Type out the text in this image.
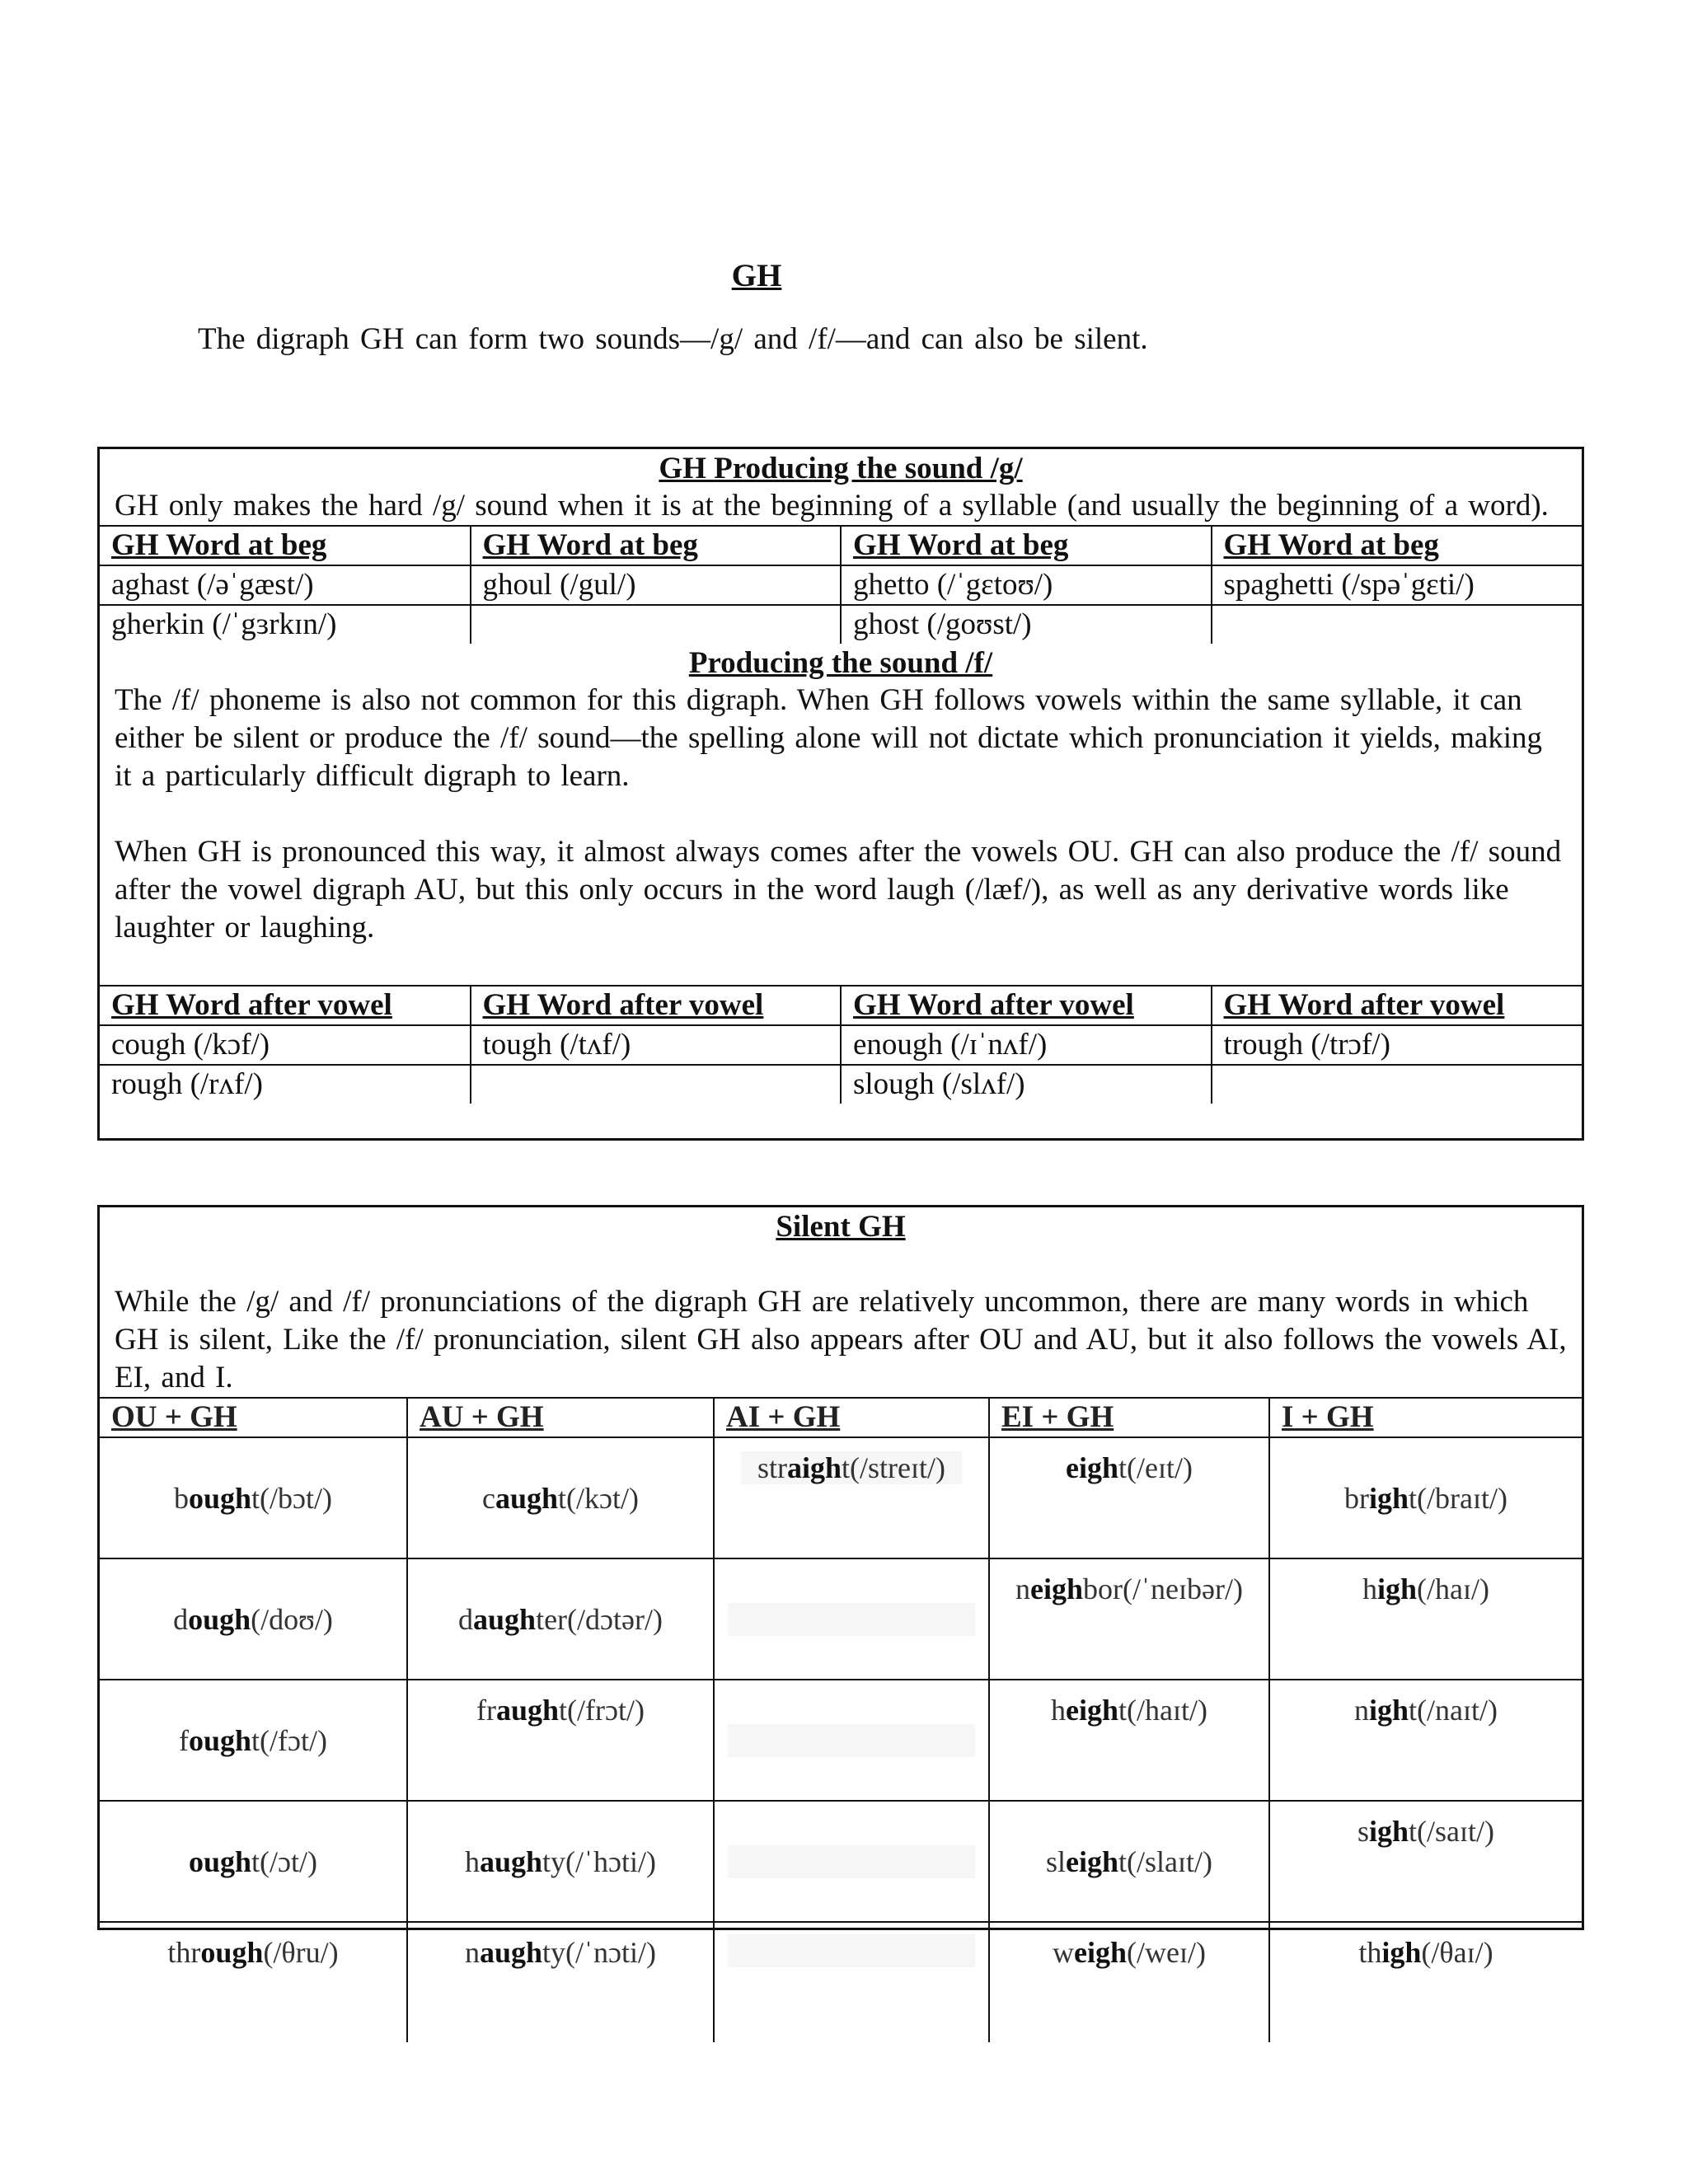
GH
The digraph GH can form two sounds—/g/ and /f/—and can also be silent.
GH Producing the sound /g/
GH only makes the hard /g/ sound when it is at the beginning of a syllable (and usually the beginning of a word).
GH Word at beg	GH Word at beg	GH Word at beg	GH Word at beg
aghast (/əˈgæst/)	ghoul (/gul/)	ghetto (/ˈgɛtoʊ/)	spaghetti (/spəˈgɛti/)
gherkin (/ˈgɜrkɪn/)		ghost (/goʊst/)	
Producing the sound /f/
The /f/ phoneme is also not common for this digraph. When GH follows vowels within the same syllable, it can either be silent or produce the /f/ sound—the spelling alone will not dictate which pronunciation it yields, making it a particularly difficult digraph to learn.
When GH is pronounced this way, it almost always comes after the vowels OU. GH can also produce the /f/ sound after the vowel digraph AU, but this only occurs in the word laugh (/læf/), as well as any derivative words like laughter or laughing.
GH Word after vowel	GH Word after vowel	GH Word after vowel	GH Word after vowel
cough (/kɔf/)	tough (/tʌf/)	enough (/ɪˈnʌf/)	trough (/trɔf/)
rough (/rʌf/)		slough (/slʌf/)	
Silent GH
While the /g/ and /f/ pronunciations of the digraph GH are relatively uncommon, there are many words in which GH is silent, Like the /f/ pronunciation, silent GH also appears after OU and AU, but it also follows the vowels AI, EI, and I.
OU + GH	AU + GH	AI + GH	EI + GH	I + GH
bought(/bɔt/)	caught(/kɔt/)	straight(/streɪt/)	eight(/eɪt/)	bright(/braɪt/)
dough(/doʊ/)	daughter(/dɔtər/)		neighbor(/ˈneɪbər/)	high(/haɪ/)
fought(/fɔt/)	fraught(/frɔt/)		height(/haɪt/)	night(/naɪt/)
ought(/ɔt/)	haughty(/ˈhɔti/)		sleight(/slaɪt/)	sight(/saɪt/)
through(/θru/)	naughty(/ˈnɔti/)		weigh(/weɪ/)	thigh(/θaɪ/)
